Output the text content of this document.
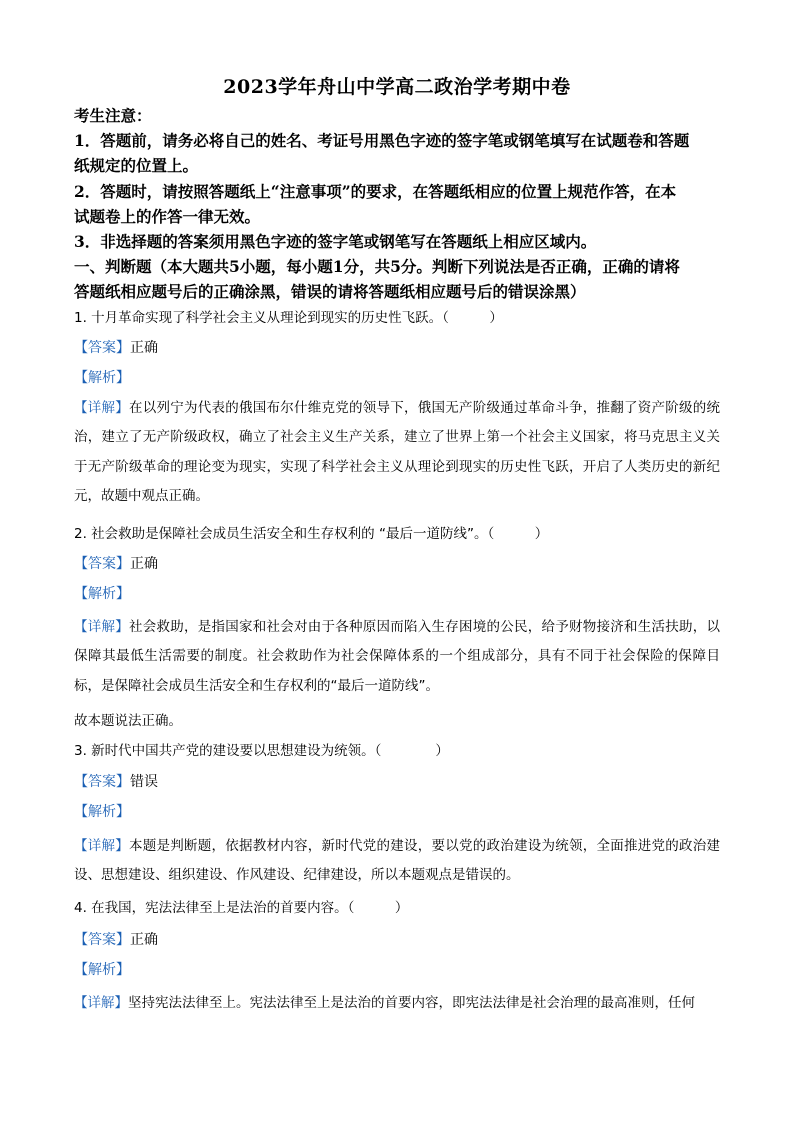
2023学年舟山中学高二政治学考期中卷
考生注意：
1．答题前，请务必将自己的姓名、考证号用黑色字迹的签字笔或钢笔填写在试题卷和答题
纸规定的位置上。
2．答题时，请按照答题纸上“注意事项”的要求，在答题纸相应的位置上规范作答，在本
试题卷上的作答一律无效。
3．非选择题的答案须用黑色字迹的签字笔或钢笔写在答题纸上相应区域内。
一、判断题（本大题共5小题，每小题1分，共5分。判断下列说法是否正确，正确的请将
答题纸相应题号后的正确涂黑，错误的请将答题纸相应题号后的错误涂黑）
1. 十月革命实现了科学社会主义从理论到现实的历史性飞跃。（　　　）
【答案】正确
【解析】
【详解】在以列宁为代表的俄国布尔什维克党的领导下，俄国无产阶级通过革命斗争，推翻了资产阶级的统治，建立了无产阶级政权，确立了社会主义生产关系，建立了世界上第一个社会主义国家，将马克思主义关于无产阶级革命的理论变为现实，实现了科学社会主义从理论到现实的历史性飞跃，开启了人类历史的新纪元，故题中观点正确。
2. 社会救助是保障社会成员生活安全和生存权利的 “最后一道防线”。（　　　）
【答案】正确
【解析】
【详解】社会救助，是指国家和社会对由于各种原因而陷入生存困境的公民，给予财物接济和生活扶助，以保障其最低生活需要的制度。社会救助作为社会保障体系的一个组成部分，具有不同于社会保险的保障目标，是保障社会成员生活安全和生存权利的“最后一道防线”。
故本题说法正确。
3. 新时代中国共产党的建设要以思想建设为统领。（　　　　）
【答案】错误
【解析】
【详解】本题是判断题，依据教材内容，新时代党的建设，要以党的政治建设为统领，全面推进党的政治建设、思想建设、组织建设、作风建设、纪律建设，所以本题观点是错误的。
4. 在我国，宪法法律至上是法治的首要内容。（　　　）
【答案】正确
【解析】
【详解】坚持宪法法律至上。宪法法律至上是法治的首要内容，即宪法法律是社会治理的最高准则，任何
